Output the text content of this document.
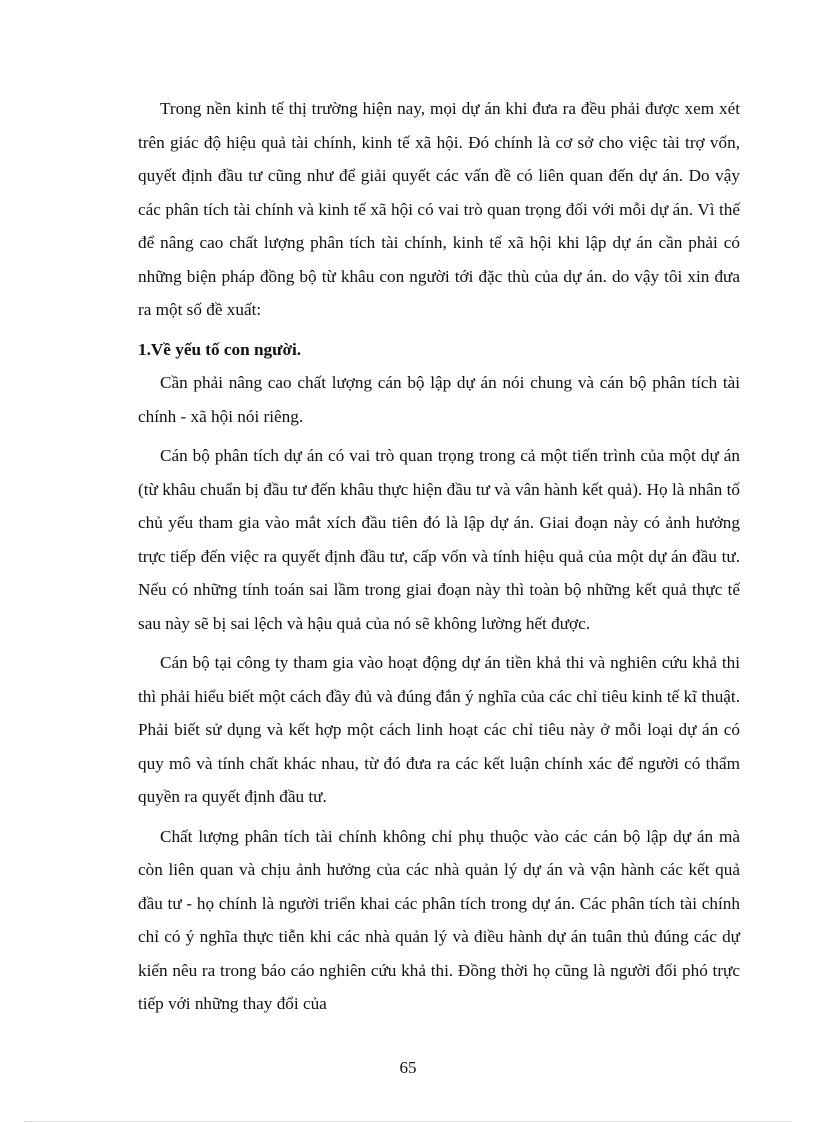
Trong nền kinh tế thị trường hiện nay, mọi dự án khi đưa ra đều phải được xem xét trên giác độ hiệu quả tài chính, kinh tế xã hội. Đó chính là cơ sở cho việc tài trợ vốn, quyết định đầu tư cũng như để giải quyết các vấn đề có liên quan đến dự án. Do vậy các phân tích tài chính và kinh tế xã hội có vai trò quan trọng đối với mỗi dự án. Vì thế để nâng cao chất lượng phân tích tài chính, kinh tế xã hội khi lập dự án cần phải có những biện pháp đồng bộ từ khâu con người tới đặc thù của dự án. do vậy tôi xin đưa ra một số đề xuất:

1.Về yếu tố con người.

Cần phải nâng cao chất lượng cán bộ lập dự án nói chung và cán bộ phân tích tài chính - xã hội nói riêng.

Cán bộ phân tích dự án có vai trò quan trọng trong cả một tiến trình của một dự án (từ khâu chuẩn bị đầu tư đến khâu thực hiện đầu tư và vân hành kết quả). Họ là nhân tố chủ yếu tham gia vào mắt xích đầu tiên đó là lập dự án. Giai đoạn này có ảnh hưởng trực tiếp đến việc ra quyết định đầu tư, cấp vốn và tính hiệu quả của một dự án đầu tư. Nếu có những tính toán sai lầm trong giai đoạn này thì toàn bộ những kết quả thực tế sau này sẽ bị sai lệch và hậu quả của nó sẽ không lường hết được.

Cán bộ tại công ty tham gia vào hoạt động dự án tiền khả thi và nghiên cứu khả thi thì phải hiểu biết một cách đầy đủ và đúng đắn ý nghĩa của các chỉ tiêu kinh tế kĩ thuật. Phải biết sử dụng và kết hợp một cách linh hoạt các chỉ tiêu này ở mỗi loại dự án có quy mô và tính chất khác nhau, từ đó đưa ra các kết luận chính xác để người có thẩm quyền ra quyết định đầu tư.

Chất lượng phân tích tài chính không chỉ phụ thuộc vào các cán bộ lập dự án mà còn liên quan và chịu ảnh hưởng của các nhà quản lý dự án và vận hành các kết quả đầu tư - họ chính là người triển khai các phân tích trong dự án. Các phân tích tài chính chỉ có ý nghĩa thực tiễn khi các nhà quản lý và điều hành dự án tuân thủ đúng các dự kiến nêu ra trong báo cáo nghiên cứu khả thi. Đồng thời họ cũng là người đối phó trực tiếp với những thay đổi của

65
